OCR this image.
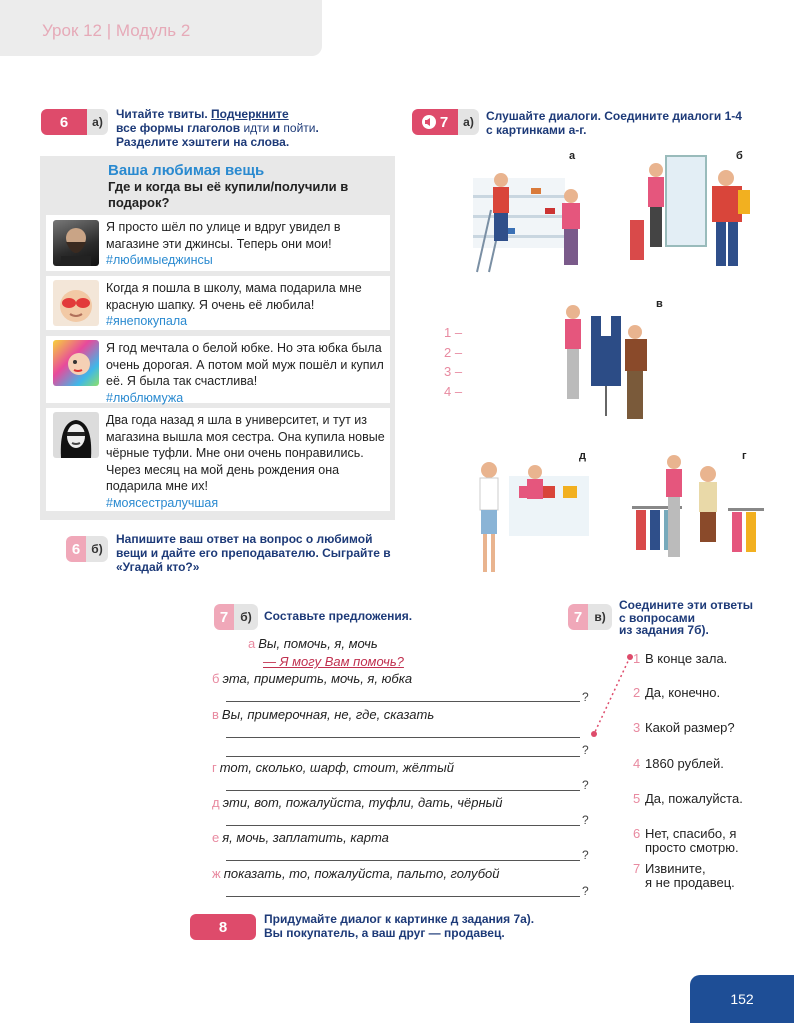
Урок 12 | Модуль 2
6	а)
Читайте твиты. Подчеркните
все формы глаголов идти и пойти.
Разделите хэштеги на слова.
Ваша любимая вещь
Где и когда вы её купили/получили в подарок?
Я просто шёл по улице и вдруг увидел в магазине эти джинсы. Теперь они мои!
#любимыеджинсы
Когда я пошла в школу, мама подарила мне красную шапку. Я очень её любила!
#янепокупала
Я год мечтала о белой юбке. Но эта юбка была очень дорогая. А потом мой муж пошёл и купил её. Я была так счастлива!
#люблюмужа
Два года назад я шла в университет, и тут из магазина вышла моя сестра. Она купила новые чёрные туфли. Мне они очень понравились. Через месяц на мой день рождения она подарила мне их!
#моясестралучшая
6 б)
Напишите ваш ответ на вопрос о любимой вещи и дайте его преподавателю. Сыграйте в «Угадай кто?»
7	а)	Слушайте диалоги. Соедините диалоги 1-4
с картинками а-г.
а	б
в
д	г
1 –
2 –
3 –
4 –
7	б)	Составьте предложения.
а Вы, помочь, я, мочь
— Я могу Вам помочь?
б эта, примерить, мочь, я, юбка
?
в Вы, примерочная, не, где, сказать
?
г тот, сколько, шарф, стоит, жёлтый
?
д эти, вот, пожалуйста, туфли, дать, чёрный
?
е я, мочь, заплатить, карта
?
ж показать, то, пожалуйста, пальто, голубой
?
7	в)
Соедините эти ответы
с вопросами
из задания 7б).
1 В конце зала.
2 Да, конечно.
3 Какой размер?
4 1860 рублей.
5 Да, пожалуйста.
6 Нет, спасибо, я
просто смотрю.
7 Извините,
я не продавец.
8	Придумайте диалог к картинке д задания 7а).
Вы покупатель, а ваш друг — продавец.
152
